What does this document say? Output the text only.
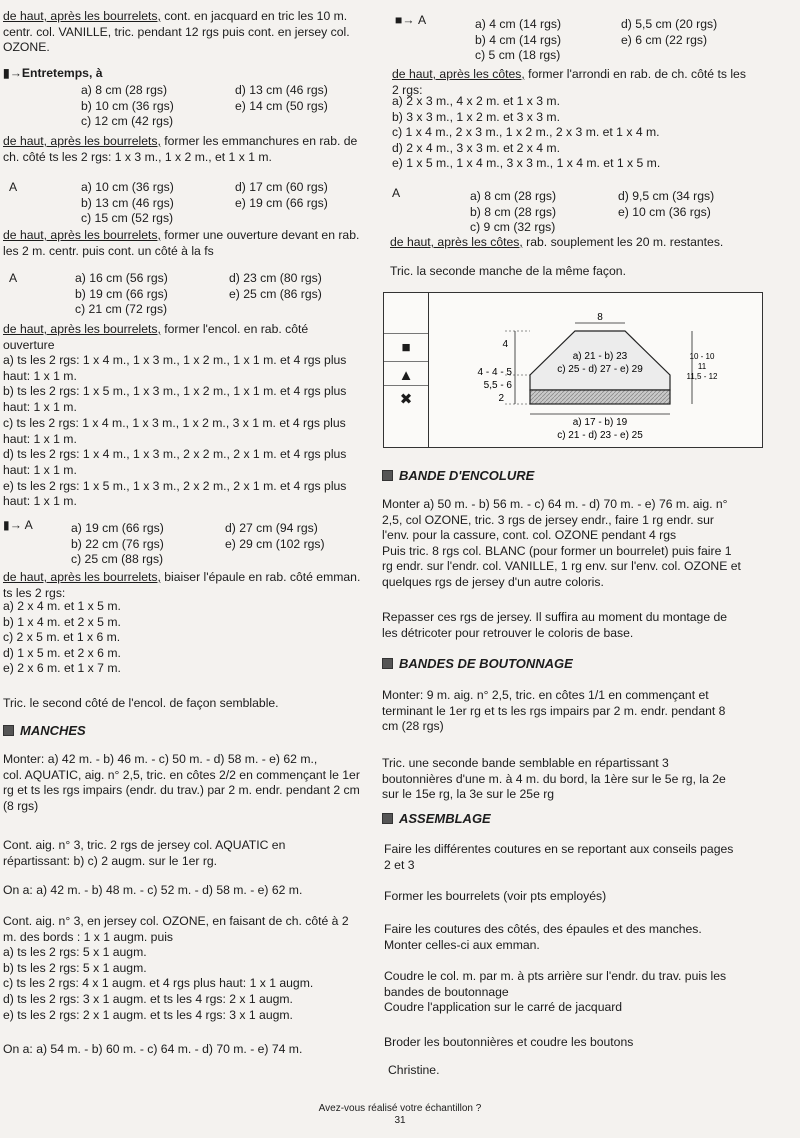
de haut, après les bourrelets, cont. en jacquard en tric les 10 m.
centr. col. VANILLE, tric. pendant 12 rgs puis cont. en jersey col.
OZONE.

▮→Entretemps, à
a) 8 cm (28 rgs)	d) 13 cm (46 rgs)
b) 10 cm (36 rgs)	e) 14 cm (50 rgs)
c) 12 cm (42 rgs)

de haut, après les bourrelets, former les emmanchures en rab. de
ch. côté ts les 2 rgs: 1 x 3 m., 1 x 2 m., et 1 x 1 m.

A	a) 10 cm (36 rgs)	d) 17 cm (60 rgs)
b) 13 cm (46 rgs)	e) 19 cm (66 rgs)
c) 15 cm (52 rgs)

de haut, après les bourrelets, former une ouverture devant en rab.
les 2 m. centr. puis cont. un côté à la fs

A	a) 16 cm (56 rgs)	d) 23 cm (80 rgs)
b) 19 cm (66 rgs)	e) 25 cm (86 rgs)
c) 21 cm (72 rgs)

de haut, après les bourrelets, former l'encol. en rab. côté
ouverture

a) ts les 2 rgs: 1 x 4 m., 1 x 3 m., 1 x 2 m., 1 x 1 m. et 4 rgs plus
haut: 1 x 1 m.
b) ts les 2 rgs: 1 x 5 m., 1 x 3 m., 1 x 2 m., 1 x 1 m. et 4 rgs plus
haut: 1 x 1 m.
c) ts les 2 rgs: 1 x 4 m., 1 x 3 m., 1 x 2 m., 3 x 1 m. et 4 rgs plus
haut: 1 x 1 m.
d) ts les 2 rgs: 1 x 4 m., 1 x 3 m., 2 x 2 m., 2 x 1 m. et 4 rgs plus
haut: 1 x 1 m.
e) ts les 2 rgs: 1 x 5 m., 1 x 3 m., 2 x 2 m., 2 x 1 m. et 4 rgs plus
haut: 1 x 1 m.
▮→ A	a) 19 cm (66 rgs)	d) 27 cm (94 rgs)
b) 22 cm (76 rgs)	e) 29 cm (102 rgs)
c) 25 cm (88 rgs)

de haut, après les bourrelets, biaiser l'épaule en rab. côté emman.
ts les 2 rgs:

a) 2 x 4 m. et 1 x 5 m.
b) 1 x 4 m. et 2 x 5 m.
c) 2 x 5 m. et 1 x 6 m.
d) 1 x 5 m. et 2 x 6 m.
e) 2 x 6 m. et 1 x 7 m.
Tric. le second côté de l'encol. de façon semblable.
MANCHES
Monter: a) 42 m. - b) 46 m. - c) 50 m. - d) 58 m. - e) 62 m.,
col. AQUATIC, aig. n° 2,5, tric. en côtes 2/2 en commençant le 1er
rg et ts les rgs impairs (endr. du trav.) par 2 m. endr. pendant 2 cm
(8 rgs)
Cont. aig. n° 3, tric. 2 rgs de jersey col. AQUATIC en
répartissant: b) c) 2 augm. sur le 1er rg.
On a: a) 42 m. - b) 48 m. - c) 52 m. - d) 58 m. - e) 62 m.
Cont. aig. n° 3, en jersey col. OZONE, en faisant de ch. côté à 2
m. des bords : 1 x 1 augm. puis
a) ts les 2 rgs: 5 x 1 augm.
b) ts les 2 rgs: 5 x 1 augm.
c) ts les 2 rgs: 4 x 1 augm. et 4 rgs plus haut: 1 x 1 augm.
d) ts les 2 rgs: 3 x 1 augm. et ts les 4 rgs: 2 x 1 augm.
e) ts les 2 rgs: 2 x 1 augm. et ts les 4 rgs: 3 x 1 augm.
On a: a) 54 m. - b) 60 m. - c) 64 m. - d) 70 m. - e) 74 m.
■→ A	a) 4 cm (14 rgs)	d) 5,5 cm (20 rgs)
b) 4 cm (14 rgs)	e) 6 cm (22 rgs)
c) 5 cm (18 rgs)

de haut, après les côtes, former l'arrondi en rab. de ch. côté ts les
2 rgs:

a) 2 x 3 m., 4 x 2 m. et 1 x 3 m.
b) 3 x 3 m., 1 x 2 m. et 3 x 3 m.
c) 1 x 4 m., 2 x 3 m., 1 x 2 m., 2 x 3 m. et 1 x 4 m.
d) 2 x 4 m., 3 x 3 m. et 2 x 4 m.
e) 1 x 5 m., 1 x 4 m., 3 x 3 m., 1 x 4 m. et 1 x 5 m.
A	a) 8 cm (28 rgs)	d) 9,5 cm (34 rgs)
b) 8 cm (28 rgs)	e) 10 cm (36 rgs)
c) 9 cm (32 rgs)
de haut, après les côtes, rab. souplement les 20 m. restantes.
Tric. la seconde manche de la même façon.
■
▲
✖
8
4
4 - 4 - 5
5,5 - 6
2
a) 21 - b) 23
c) 25 - d) 27 - e) 29
10 - 10
11
11,5 - 12
a) 17 - b) 19
c) 21 - d) 23 - e) 25
BANDE D'ENCOLURE
Monter a) 50 m. - b) 56 m. - c) 64 m. - d) 70 m. - e) 76 m. aig. n°
2,5, col OZONE, tric. 3 rgs de jersey endr., faire 1 rg endr. sur
l'env. pour la cassure, cont. col. OZONE pendant 4 rgs
Puis tric. 8 rgs col. BLANC (pour former un bourrelet) puis faire 1
rg endr. sur l'endr. col. VANILLE, 1 rg env. sur l'env. col. OZONE et
quelques rgs de jersey d'un autre coloris.
Repasser ces rgs de jersey. Il suffira au moment du montage de
les détricoter pour retrouver le coloris de base.
BANDES DE BOUTONNAGE
Monter: 9 m. aig. n° 2,5, tric. en côtes 1/1 en commençant et
terminant le 1er rg et ts les rgs impairs par 2 m. endr. pendant 8
cm (28 rgs)
Tric. une seconde bande semblable en répartissant 3
boutonnières d'une m. à 4 m. du bord, la 1ère sur le 5e rg, la 2e
sur le 15e rg, la 3e sur le 25e rg
ASSEMBLAGE
Faire les différentes coutures en se reportant aux conseils pages
2 et 3
Former les bourrelets (voir pts employés)
Faire les coutures des côtés, des épaules et des manches.
Monter celles-ci aux emman.
Coudre le col. m. par m. à pts arrière sur l'endr. du trav. puis les
bandes de boutonnage
Coudre l'application sur le carré de jacquard
Broder les boutonnières et coudre les boutons
Christine.
Avez-vous réalisé votre échantillon ?
31
